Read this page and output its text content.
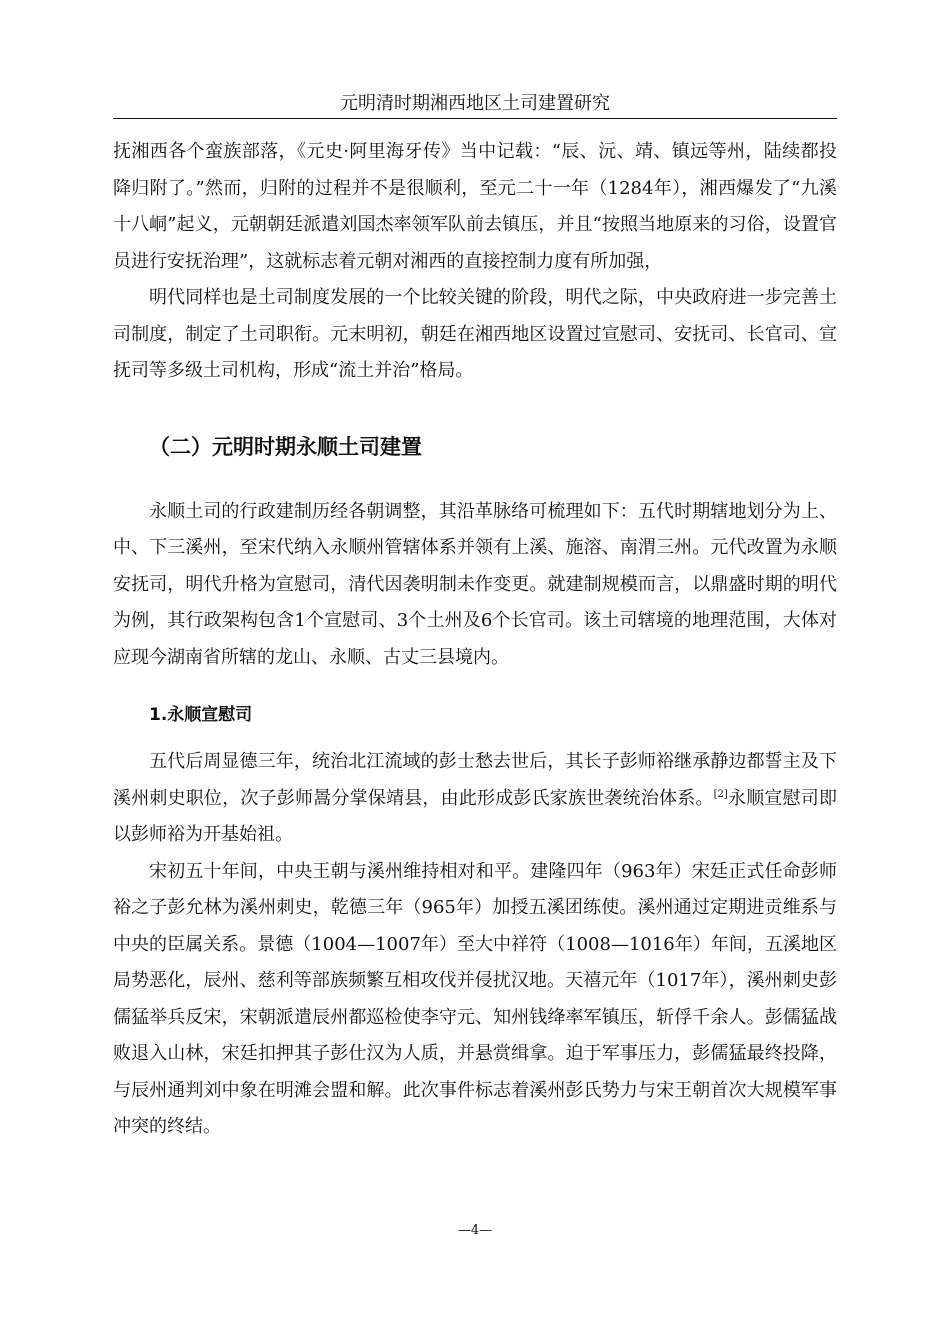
元明清时期湘西地区土司建置研究

抚湘西各个蛮族部落，《元史·阿里海牙传》当中记载：“辰、沅、靖、镇远等州，陆续都投降归附了。”然而，归附的过程并不是很顺利，至元二十一年（1284年），湘西爆发了“九溪十八峒”起义，元朝朝廷派遣刘国杰率领军队前去镇压，并且“按照当地原来的习俗，设置官员进行安抚治理”，这就标志着元朝对湘西的直接控制力度有所加强，

明代同样也是土司制度发展的一个比较关键的阶段，明代之际，中央政府进一步完善土司制度，制定了土司职衔。元末明初，朝廷在湘西地区设置过宣慰司、安抚司、长官司、宣抚司等多级土司机构，形成“流土并治”格局。

（二）元明时期永顺土司建置

永顺土司的行政建制历经各朝调整，其沿革脉络可梳理如下：五代时期辖地划分为上、中、下三溪州，至宋代纳入永顺州管辖体系并领有上溪、施溶、南渭三州。元代改置为永顺安抚司，明代升格为宣慰司，清代因袭明制未作变更。就建制规模而言，以鼎盛时期的明代为例，其行政架构包含1个宣慰司、3个土州及6个长官司。该土司辖境的地理范围，大体对应现今湖南省所辖的龙山、永顺、古丈三县境内。

1.永顺宣慰司

五代后周显德三年，统治北江流域的彭士愁去世后，其长子彭师裕继承静边都誓主及下溪州刺史职位，次子彭师暠分掌保靖县，由此形成彭氏家族世袭统治体系。[2]永顺宣慰司即以彭师裕为开基始祖。

宋初五十年间，中央王朝与溪州维持相对和平。建隆四年（963年）宋廷正式任命彭师裕之子彭允林为溪州刺史，乾德三年（965年）加授五溪团练使。溪州通过定期进贡维系与中央的臣属关系。景德（1004—1007年）至大中祥符（1008—1016年）年间，五溪地区局势恶化，辰州、慈利等部族频繁互相攻伐并侵扰汉地。天禧元年（1017年），溪州刺史彭儒猛举兵反宋，宋朝派遣辰州都巡检使李守元、知州钱绛率军镇压，斩俘千余人。彭儒猛战败退入山林，宋廷扣押其子彭仕汉为人质，并悬赏缉拿。迫于军事压力，彭儒猛最终投降，与辰州通判刘中象在明滩会盟和解。此次事件标志着溪州彭氏势力与宋王朝首次大规模军事冲突的终结。

—4—
